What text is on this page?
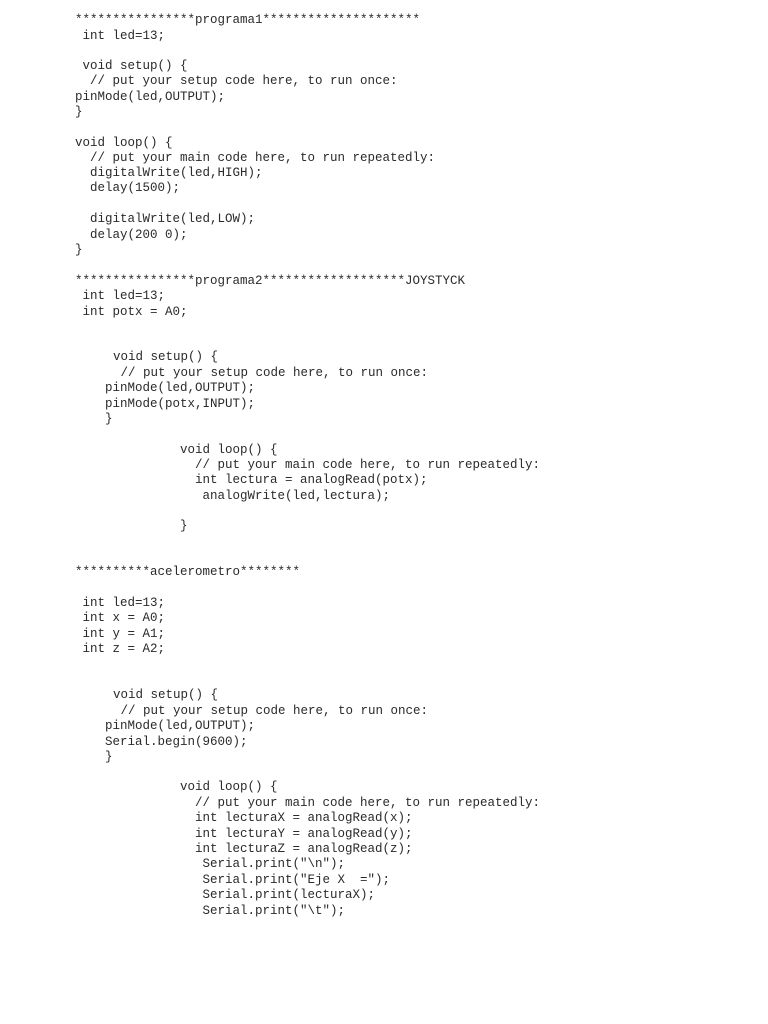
****************programa1*********************

int led=13;

void setup() {

// put your setup code here, to run once:

pinMode(led,OUTPUT);

}

void loop() {

// put your main code here, to run repeatedly:

digitalWrite(led,HIGH);

delay(1500);

digitalWrite(led,LOW);

delay(200 0);

}

****************programa2*******************JOYSTYCK

int led=13;

int potx = A0;

void setup() {

// put your setup code here, to run once:

pinMode(led,OUTPUT);

pinMode(potx,INPUT);

}

void loop() {

// put your main code here, to run repeatedly:

int lectura = analogRead(potx);

analogWrite(led,lectura);

}

**********acelerometro********

int led=13;

int x = A0;

int y = A1;

int z = A2;

void setup() {

// put your setup code here, to run once:

pinMode(led,OUTPUT);

Serial.begin(9600);

}

void loop() {

// put your main code here, to run repeatedly:

int lecturaX = analogRead(x);

int lecturaY = analogRead(y);

int lecturaZ = analogRead(z);

Serial.print("\n");

Serial.print("Eje X  =");

Serial.print(lecturaX);

Serial.print("\t");
